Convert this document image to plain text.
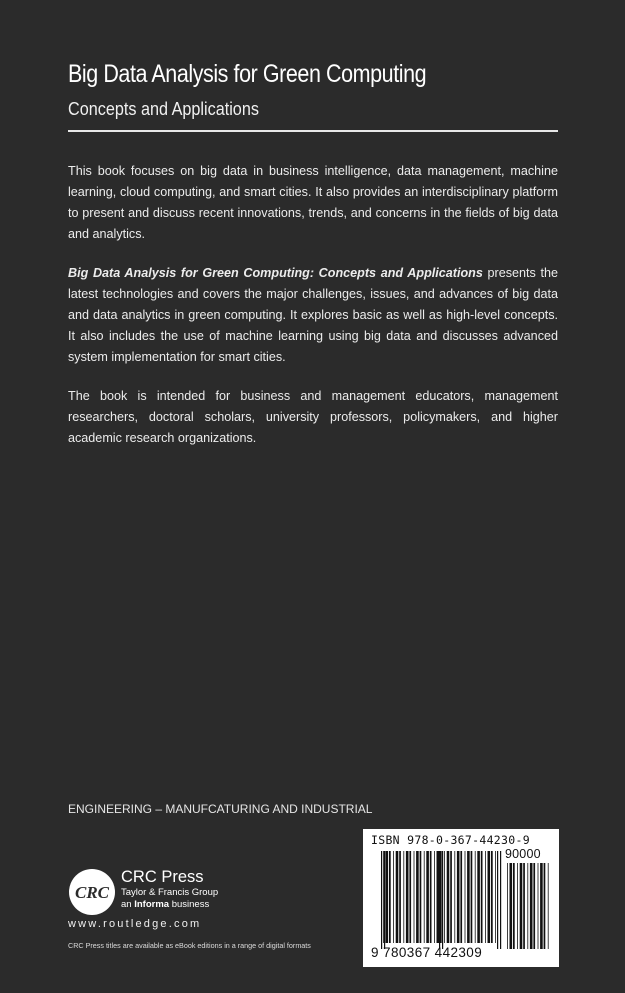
Big Data Analysis for Green Computing
Concepts and Applications

This book focuses on big data in business intelligence, data management, machine learning, cloud computing, and smart cities. It also provides an interdisciplinary platform to present and discuss recent innovations, trends, and concerns in the fields of big data and analytics.

Big Data Analysis for Green Computing: Concepts and Applications presents the latest technologies and covers the major challenges, issues, and advances of big data and data analytics in green computing. It explores basic as well as high-level concepts. It also includes the use of machine learning using big data and discusses advanced system implementation for smart cities.

The book is intended for business and management educators, management researchers, doctoral scholars, university professors, policymakers, and higher academic research organizations.

ENGINEERING – MANUFCATURING AND INDUSTRIAL
CRC
CRC Press
Taylor & Francis Group
an Informa business
www.routledge.com
CRC Press titles are available as eBook editions in a range of digital formats
ISBN 978-0-367-44230-9
90000
9 780367 442309
